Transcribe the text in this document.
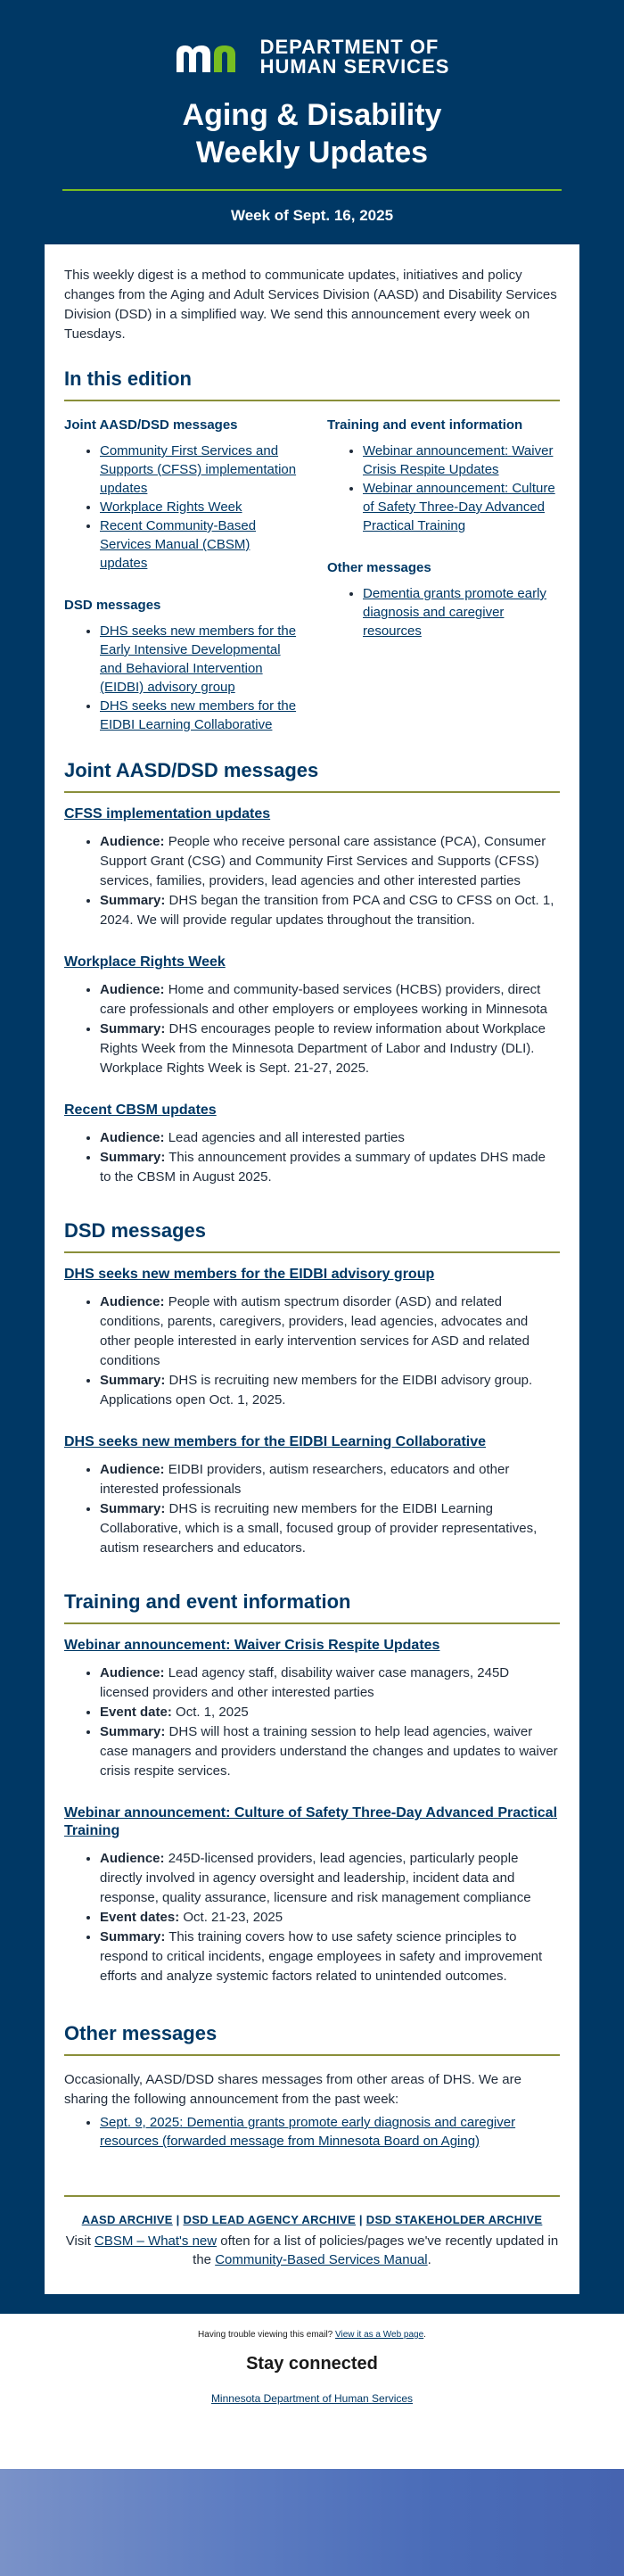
DEPARTMENT OF
HUMAN SERVICES
Aging & Disability
Weekly Updates
Week of Sept. 16, 2025

This weekly digest is a method to communicate updates, initiatives and policy changes from the Aging and Adult Services Division (AASD) and Disability Services Division (DSD) in a simplified way. We send this announcement every week on Tuesdays.

In this edition
Joint AASD/DSD messages
• Community First Services and Supports (CFSS) implementation updates
• Workplace Rights Week
• Recent Community-Based Services Manual (CBSM) updates
DSD messages
• DHS seeks new members for the Early Intensive Developmental and Behavioral Intervention (EIDBI) advisory group
• DHS seeks new members for the EIDBI Learning Collaborative
Training and event information
• Webinar announcement: Waiver Crisis Respite Updates
• Webinar announcement: Culture of Safety Three-Day Advanced Practical Training
Other messages
• Dementia grants promote early diagnosis and caregiver resources
Joint AASD/DSD messages
CFSS implementation updates
• Audience: People who receive personal care assistance (PCA), Consumer Support Grant (CSG) and Community First Services and Supports (CFSS) services, families, providers, lead agencies and other interested parties
• Summary: DHS began the transition from PCA and CSG to CFSS on Oct. 1, 2024. We will provide regular updates throughout the transition.
Workplace Rights Week
• Audience: Home and community-based services (HCBS) providers, direct care professionals and other employers or employees working in Minnesota
• Summary: DHS encourages people to review information about Workplace Rights Week from the Minnesota Department of Labor and Industry (DLI). Workplace Rights Week is Sept. 21-27, 2025.
Recent CBSM updates
• Audience: Lead agencies and all interested parties
• Summary: This announcement provides a summary of updates DHS made to the CBSM in August 2025.
DSD messages
DHS seeks new members for the EIDBI advisory group
• Audience: People with autism spectrum disorder (ASD) and related conditions, parents, caregivers, providers, lead agencies, advocates and other people interested in early intervention services for ASD and related conditions
• Summary: DHS is recruiting new members for the EIDBI advisory group. Applications open Oct. 1, 2025.
DHS seeks new members for the EIDBI Learning Collaborative
• Audience: EIDBI providers, autism researchers, educators and other interested professionals
• Summary: DHS is recruiting new members for the EIDBI Learning Collaborative, which is a small, focused group of provider representatives, autism researchers and educators.
Training and event information
Webinar announcement: Waiver Crisis Respite Updates
• Audience: Lead agency staff, disability waiver case managers, 245D licensed providers and other interested parties
• Event date: Oct. 1, 2025
• Summary: DHS will host a training session to help lead agencies, waiver case managers and providers understand the changes and updates to waiver crisis respite services.
Webinar announcement: Culture of Safety Three-Day Advanced Practical Training
• Audience: 245D-licensed providers, lead agencies, particularly people directly involved in agency oversight and leadership, incident data and response, quality assurance, licensure and risk management compliance
• Event dates: Oct. 21-23, 2025
• Summary: This training covers how to use safety science principles to respond to critical incidents, engage employees in safety and improvement efforts and analyze systemic factors related to unintended outcomes.
Other messages

Occasionally, AASD/DSD shares messages from other areas of DHS. We are sharing the following announcement from the past week:

• Sept. 9, 2025: Dementia grants promote early diagnosis and caregiver resources (forwarded message from Minnesota Board on Aging)
AASD ARCHIVE | DSD LEAD AGENCY ARCHIVE | DSD STAKEHOLDER ARCHIVE

Visit CBSM – What's new often for a list of policies/pages we've recently updated in the Community-Based Services Manual.

Having trouble viewing this email? View it as a Web page.

Stay connected

Minnesota Department of Human Services
